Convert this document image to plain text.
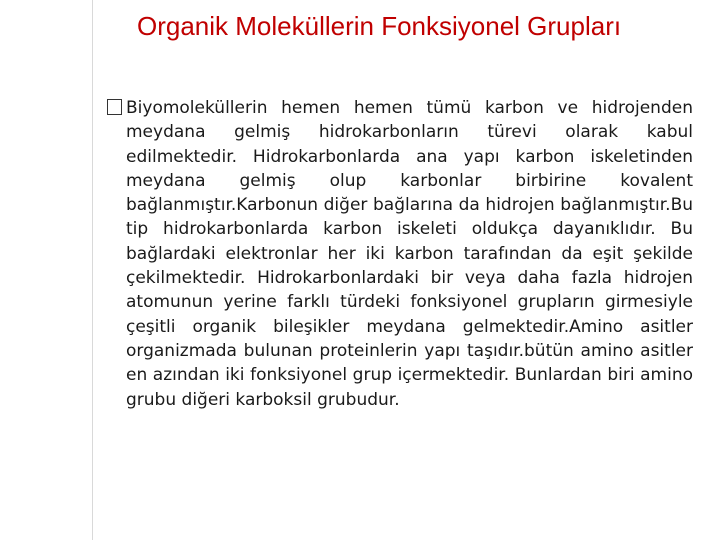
Organik Moleküllerin Fonksiyonel Grupları

Biyomoleküllerin hemen hemen tümü karbon ve hidrojenden meydana gelmiş hidrokarbonların türevi olarak kabul edilmektedir. Hidrokarbonlarda ana yapı karbon iskeletinden meydana gelmiş olup karbonlar birbirine kovalent bağlanmıştır.Karbonun diğer bağlarına da hidrojen bağlanmıştır.Bu tip hidrokarbonlarda karbon iskeleti oldukça dayanıklıdır. Bu bağlardaki elektronlar her iki karbon tarafından da eşit şekilde çekilmektedir. Hidrokarbonlardaki bir veya daha fazla hidrojen atomunun yerine farklı türdeki fonksiyonel grupların girmesiyle çeşitli organik bileşikler meydana gelmektedir.Amino asitler organizmada bulunan proteinlerin yapı taşıdır.bütün amino asitler en azından iki fonksiyonel grup içermektedir. Bunlardan biri amino grubu diğeri karboksil grubudur.
